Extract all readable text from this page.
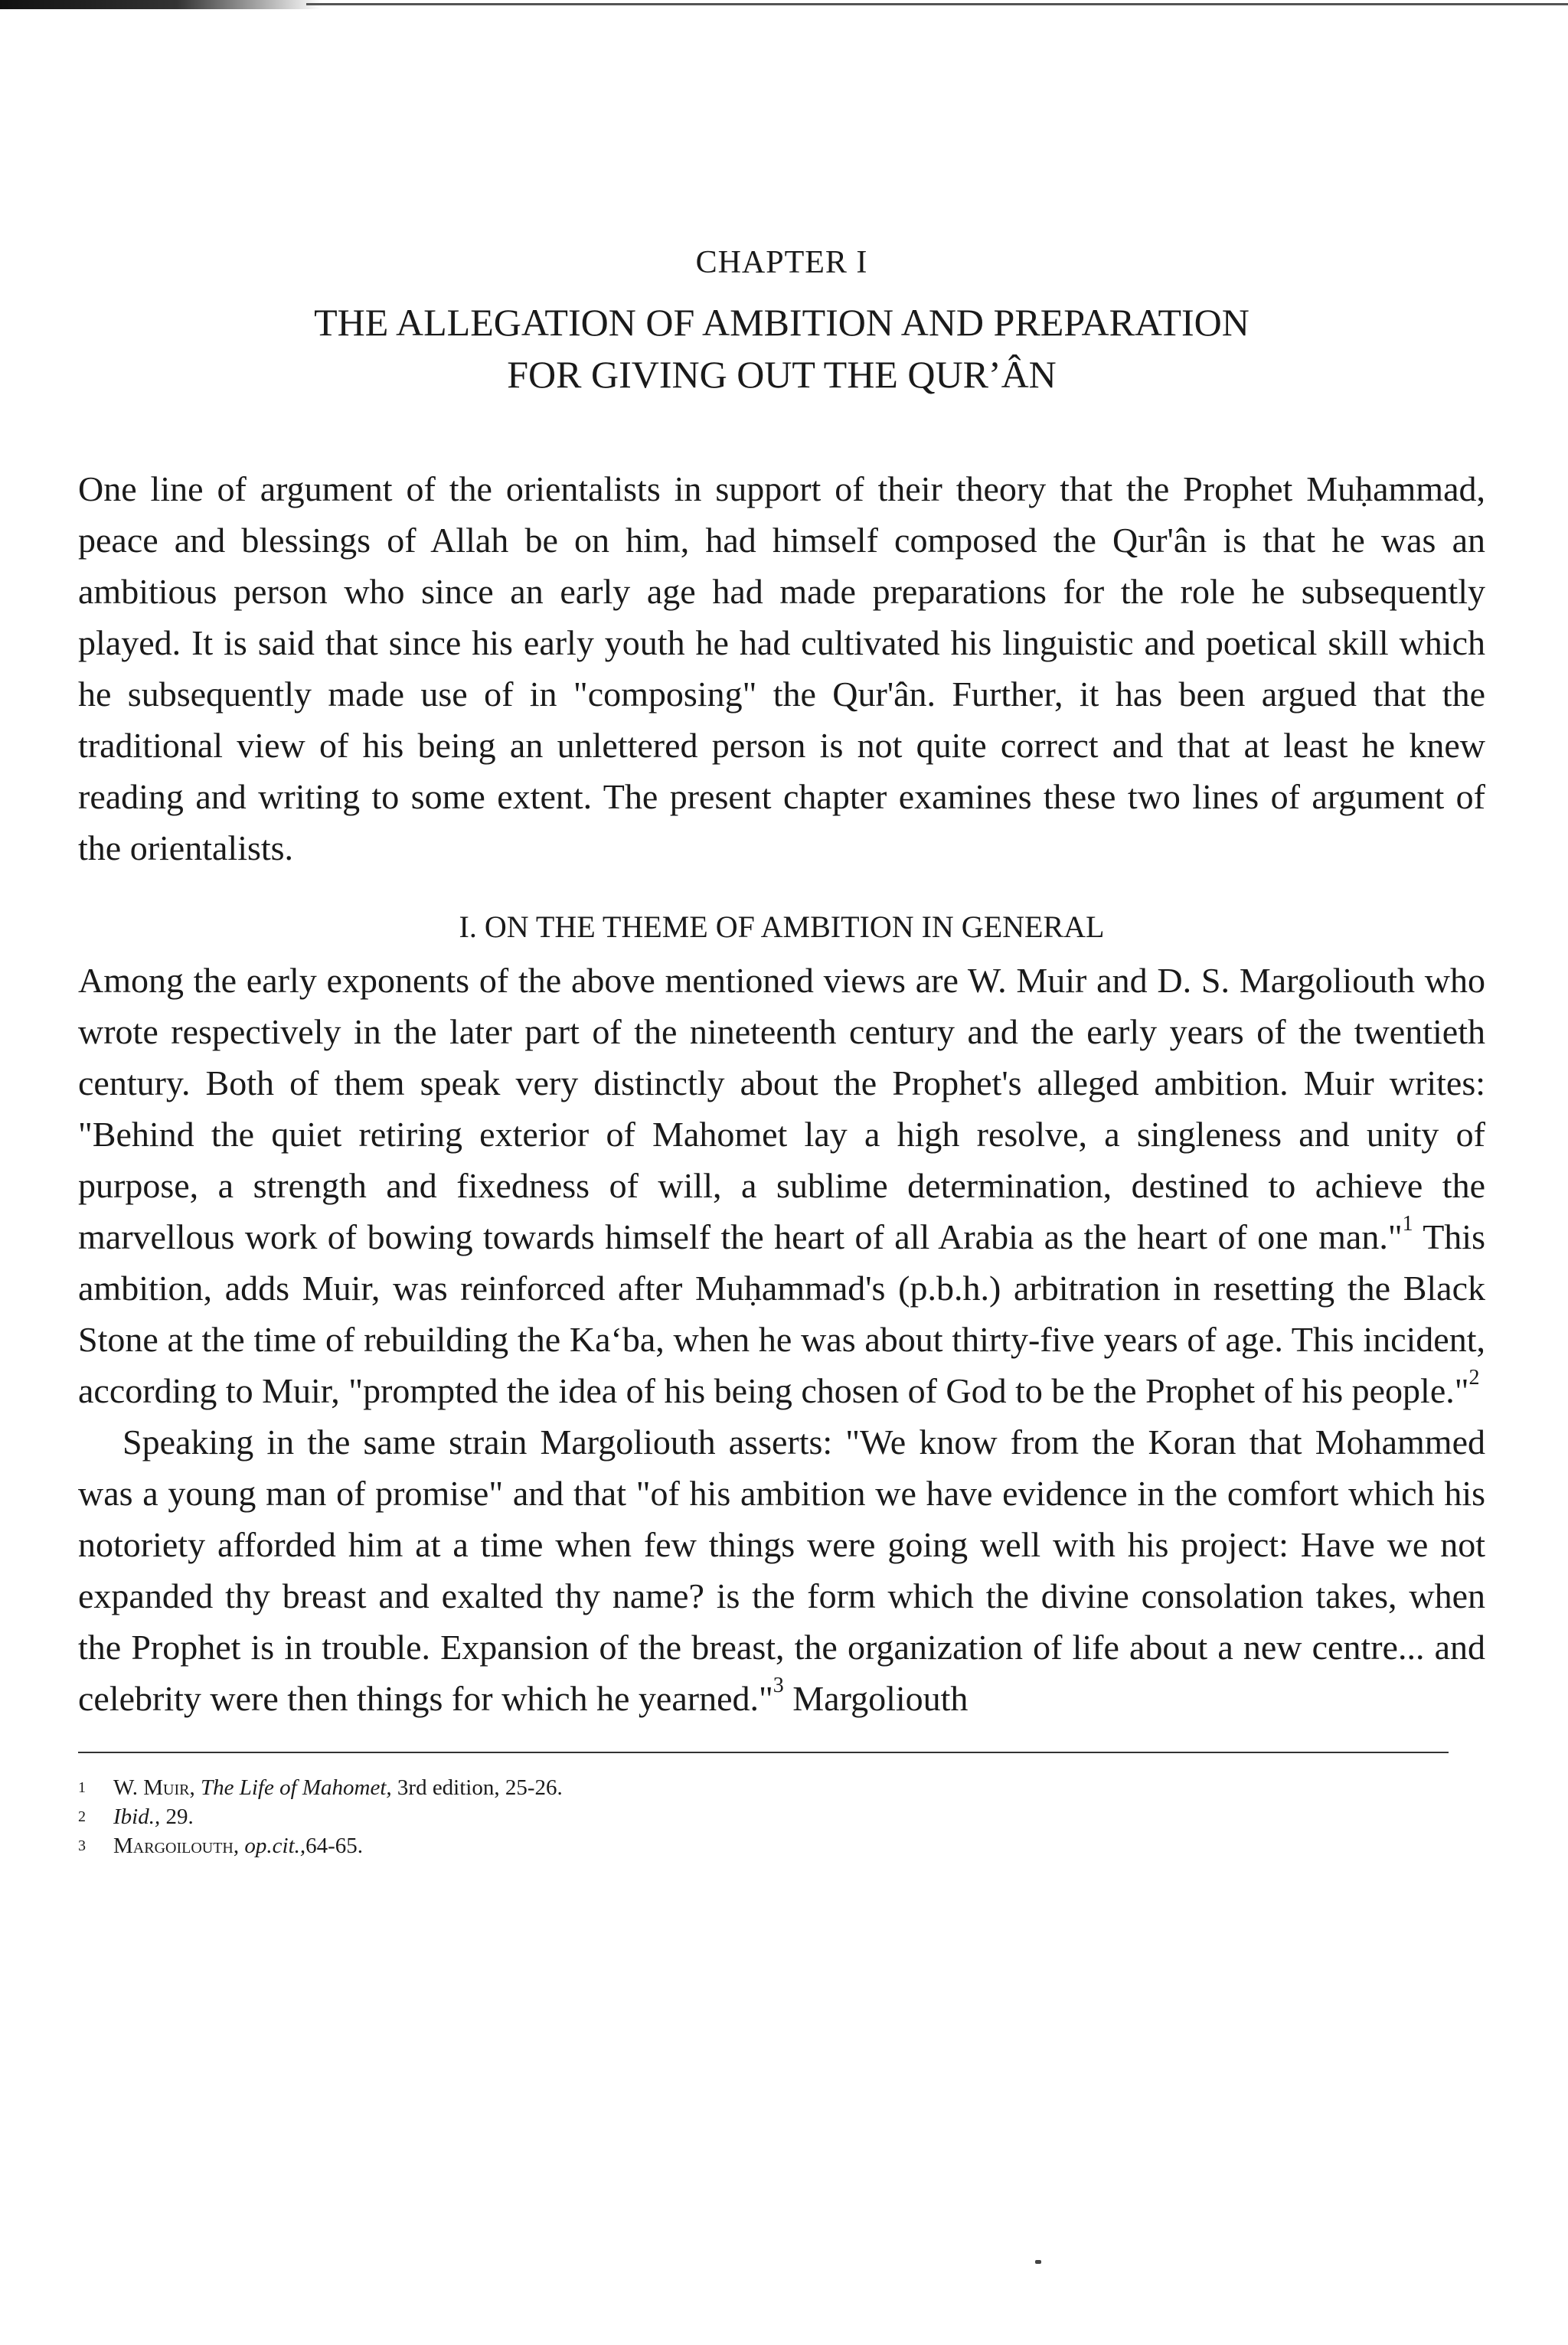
CHAPTER I
THE ALLEGATION OF AMBITION AND PREPARATION
FOR GIVING OUT THE QUR’ÂN

One line of argument of the orientalists in support of their theory that the Prophet Muḥammad, peace and blessings of Allah be on him, had himself composed the Qur'ân is that he was an ambitious person who since an early age had made preparations for the role he subsequently played. It is said that since his early youth he had cultivated his linguistic and poetical skill which he subsequently made use of in "composing" the Qur'ân. Further, it has been argued that the traditional view of his being an unlettered person is not quite correct and that at least he knew reading and writing to some extent. The present chapter examines these two lines of argument of the orientalists.

I. ON THE THEME OF AMBITION IN GENERAL

Among the early exponents of the above mentioned views are W. Muir and D. S. Margoliouth who wrote respectively in the later part of the nineteenth century and the early years of the twentieth century. Both of them speak very distinctly about the Prophet's alleged ambition. Muir writes: "Behind the quiet retiring exterior of Mahomet lay a high resolve, a singleness and unity of purpose, a strength and fixedness of will, a sublime determination, destined to achieve the marvellous work of bowing towards himself the heart of all Arabia as the heart of one man."$^1$ This ambition, adds Muir, was reinforced after Muḥammad's (p.b.h.) arbitration in resetting the Black Stone at the time of rebuilding the Ka‘ba, when he was about thirty-five years of age. This incident, according to Muir, "prompted the idea of his being chosen of God to be the Prophet of his people."$^2$

Speaking in the same strain Margoliouth asserts: "We know from the Koran that Mohammed was a young man of promise" and that "of his ambition we have evidence in the comfort which his notoriety afforded him at a time when few things were going well with his project: Have we not expanded thy breast and exalted thy name? is the form which the divine consolation takes, when the Prophet is in trouble. Expansion of the breast, the organization of life about a new centre... and celebrity were then things for which he yearned."$^3$ Margoliouth

1	W. Muir, The Life of Mahomet, 3rd edition, 25-26.
2	Ibid., 29.
3	Margoilouth, op.cit.,64-65.
